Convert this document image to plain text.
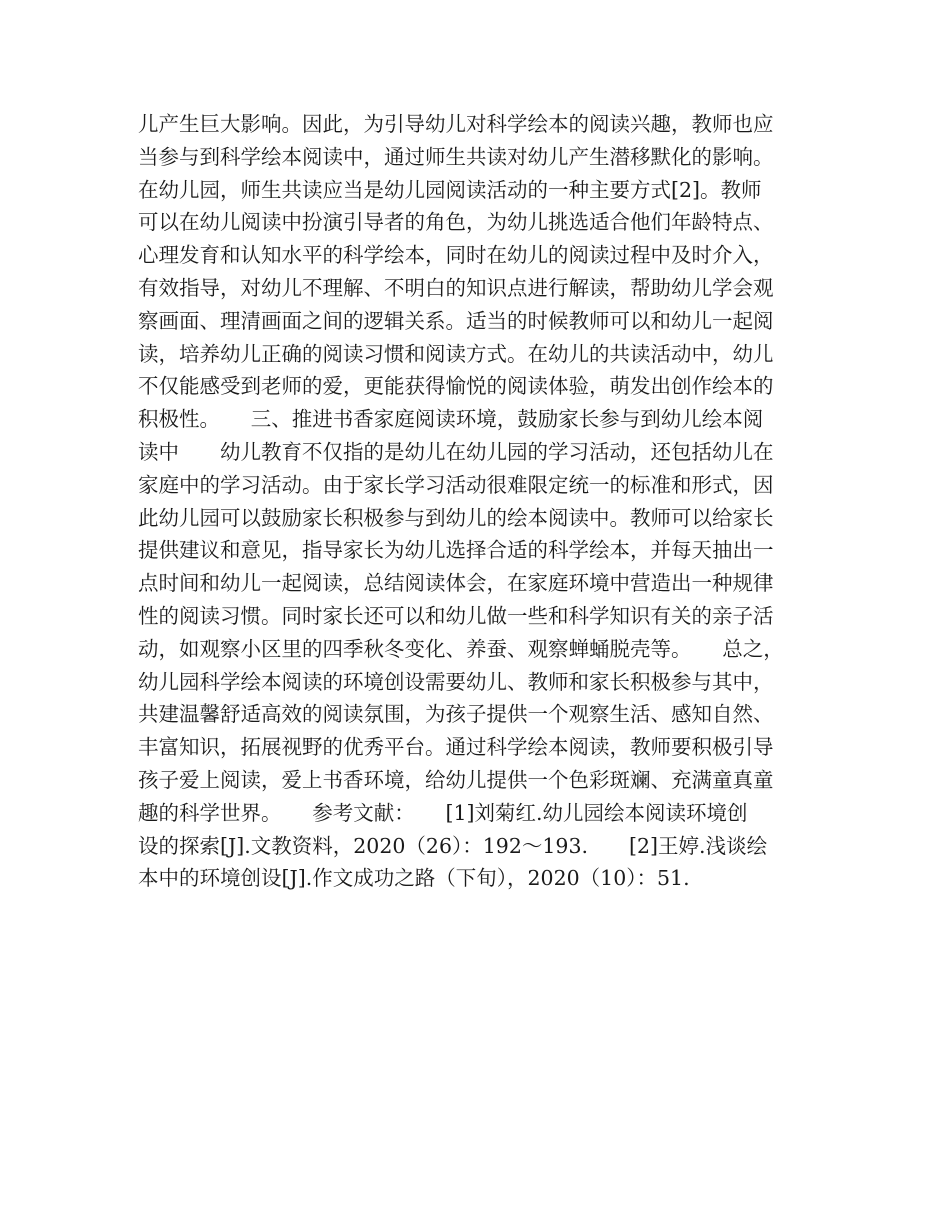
儿产生巨大影响。因此，为引导幼儿对科学绘本的阅读兴趣，教师也应
当参与到科学绘本阅读中，通过师生共读对幼儿产生潜移默化的影响。
在幼儿园，师生共读应当是幼儿园阅读活动的一种主要方式[2]。教师
可以在幼儿阅读中扮演引导者的角色，为幼儿挑选适合他们年龄特点、
心理发育和认知水平的科学绘本，同时在幼儿的阅读过程中及时介入，
有效指导，对幼儿不理解、不明白的知识点进行解读，帮助幼儿学会观
察画面、理清画面之间的逻辑关系。适当的时候教师可以和幼儿一起阅
读，培养幼儿正确的阅读习惯和阅读方式。在幼儿的共读活动中，幼儿
不仅能感受到老师的爱，更能获得愉悦的阅读体验，萌发出创作绘本的
积极性。　　三、推进书香家庭阅读环境，鼓励家长参与到幼儿绘本阅
读中　　幼儿教育不仅指的是幼儿在幼儿园的学习活动，还包括幼儿在
家庭中的学习活动。由于家长学习活动很难限定统一的标准和形式，因
此幼儿园可以鼓励家长积极参与到幼儿的绘本阅读中。教师可以给家长
提供建议和意见，指导家长为幼儿选择合适的科学绘本，并每天抽出一
点时间和幼儿一起阅读，总结阅读体会，在家庭环境中营造出一种规律
性的阅读习惯。同时家长还可以和幼儿做一些和科学知识有关的亲子活
动，如观察小区里的四季秋冬变化、养蚕、观察蝉蛹脱壳等。　　总之，
幼儿园科学绘本阅读的环境创设需要幼儿、教师和家长积极参与其中，
共建温馨舒适高效的阅读氛围，为孩子提供一个观察生活、感知自然、
丰富知识，拓展视野的优秀平台。通过科学绘本阅读，教师要积极引导
孩子爱上阅读，爱上书香环境，给幼儿提供一个色彩斑斓、充满童真童
趣的科学世界。　　参考文献：　　[1]刘菊红.幼儿园绘本阅读环境创
设的探索[J].文教资料，2020（26）：192～193.　　[2]王婷.浅谈绘
本中的环境创设[J].作文成功之路（下旬），2020（10）：51.
